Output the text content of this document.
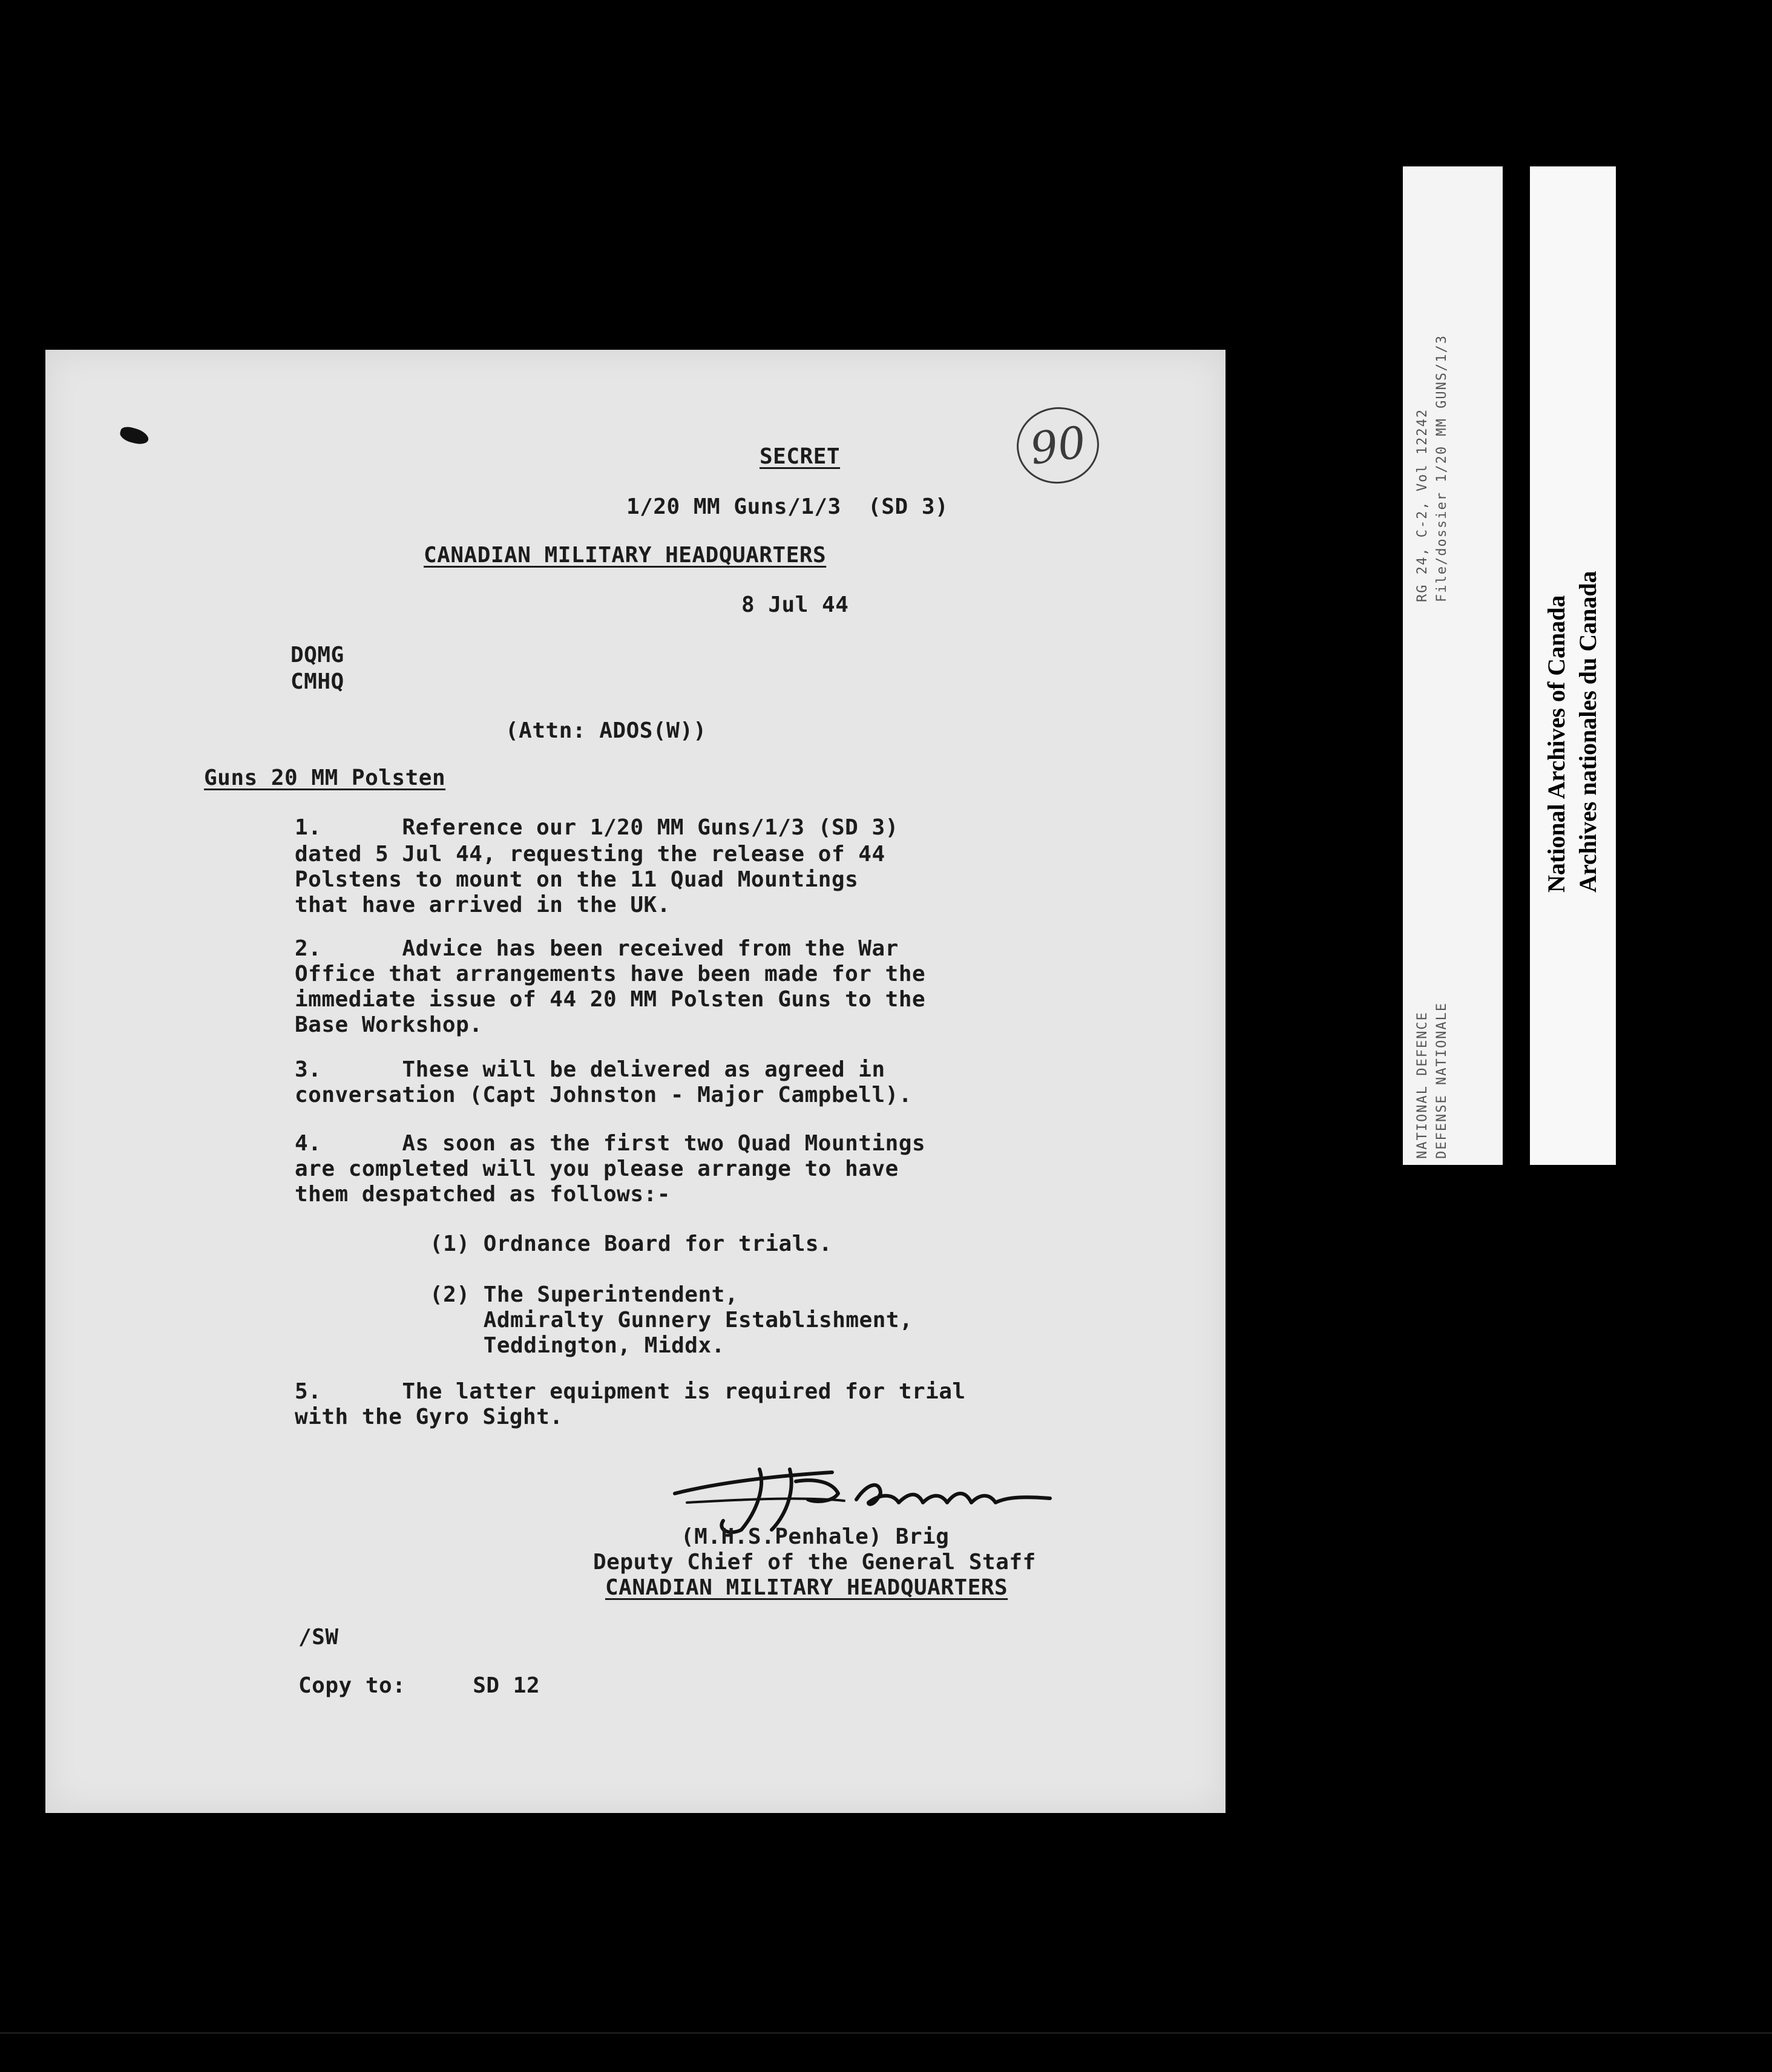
90
SECRET
1/20 MM Guns/1/3  (SD 3)
CANADIAN MILITARY HEADQUARTERS
8 Jul 44
DQMG
CMHQ
(Attn: ADOS(W))
Guns 20 MM Polsten
1.      Reference our 1/20 MM Guns/1/3 (SD 3)
dated 5 Jul 44, requesting the release of 44
Polstens to mount on the 11 Quad Mountings
that have arrived in the UK.
2.      Advice has been received from the War
Office that arrangements have been made for the
immediate issue of 44 20 MM Polsten Guns to the
Base Workshop.
3.      These will be delivered as agreed in
conversation (Capt Johnston - Major Campbell).
4.      As soon as the first two Quad Mountings
are completed will you please arrange to have
them despatched as follows:-
(1) Ordnance Board for trials.
(2) The Superintendent,
Admiralty Gunnery Establishment,
Teddington, Middx.
5.      The latter equipment is required for trial
with the Gyro Sight.
(M.H.S.Penhale) Brig
Deputy Chief of the General Staff
CANADIAN MILITARY HEADQUARTERS
/SW
Copy to:     SD 12
RG 24, C-2, Vol 12242 File/dossier 1/20 MM GUNS/1/3
NATIONAL DEFENCE DEFENSE NATIONALE
National Archives of Canada Archives nationales du Canada
